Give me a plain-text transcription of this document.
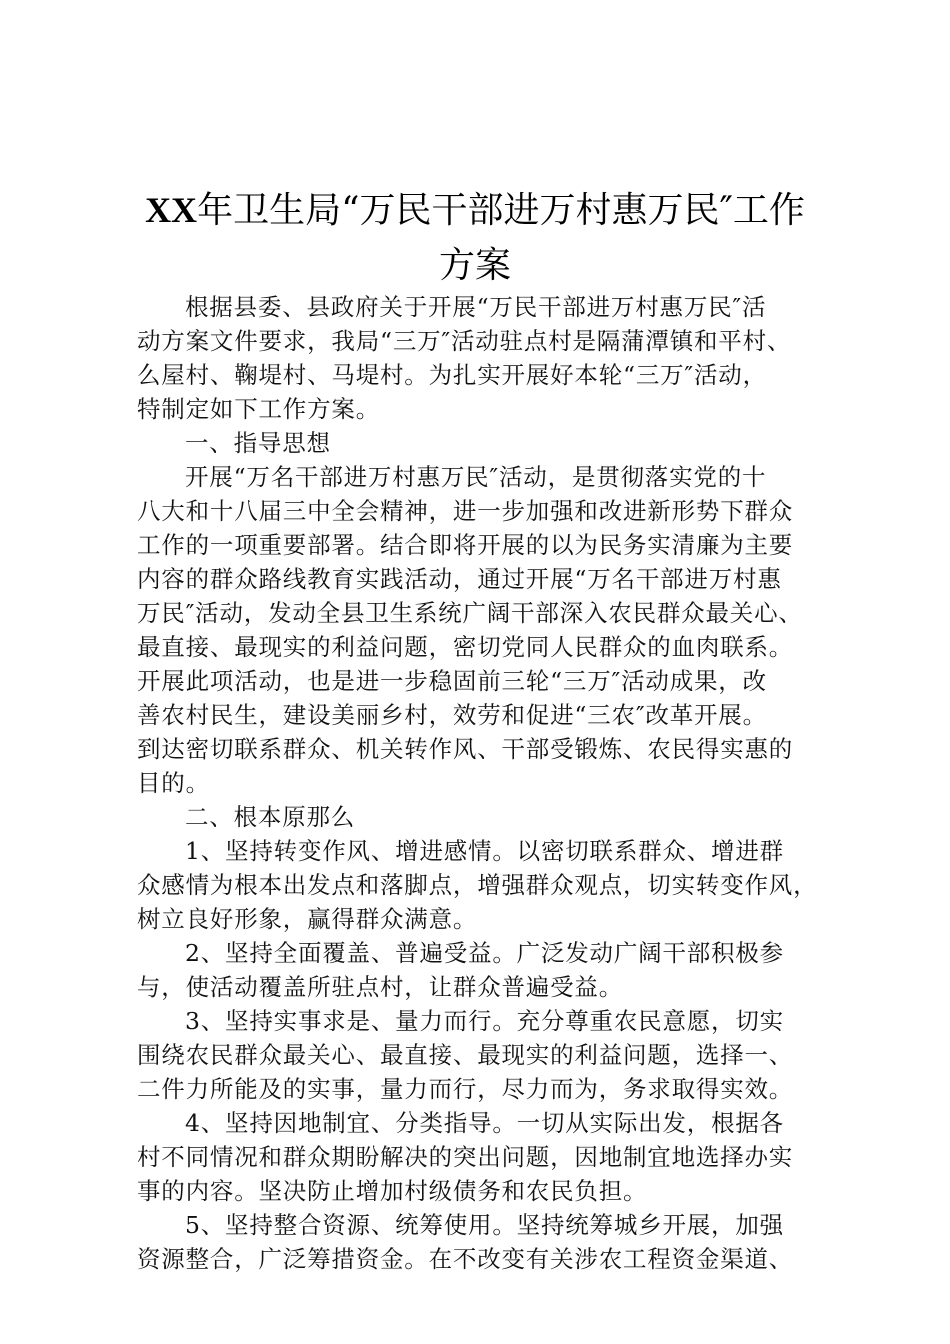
XX年卫生局“万民干部进万村惠万民″工作
方案
根据县委、县政府关于开展“万民干部进万村惠万民″活
动方案文件要求，我局“三万″活动驻点村是隔蒲潭镇和平村、
么屋村、鞠堤村、马堤村。为扎实开展好本轮“三万″活动，
特制定如下工作方案。
一、指导思想
开展“万名干部进万村惠万民″活动，是贯彻落实党的十
八大和十八届三中全会精神，进一步加强和改进新形势下群众
工作的一项重要部署。结合即将开展的以为民务实清廉为主要
内容的群众路线教育实践活动，通过开展“万名干部进万村惠
万民″活动，发动全县卫生系统广阔干部深入农民群众最关心、
最直接、最现实的利益问题，密切党同人民群众的血肉联系。
开展此项活动，也是进一步稳固前三轮“三万″活动成果，改
善农村民生，建设美丽乡村，效劳和促进“三农″改革开展。
到达密切联系群众、机关转作风、干部受锻炼、农民得实惠的
目的。
二、根本原那么
1、坚持转变作风、增进感情。以密切联系群众、增进群
众感情为根本出发点和落脚点，增强群众观点，切实转变作风，
树立良好形象，赢得群众满意。
2、坚持全面覆盖、普遍受益。广泛发动广阔干部积极参
与，使活动覆盖所驻点村，让群众普遍受益。
3、坚持实事求是、量力而行。充分尊重农民意愿，切实
围绕农民群众最关心、最直接、最现实的利益问题，选择一、
二件力所能及的实事，量力而行，尽力而为，务求取得实效。
4、坚持因地制宜、分类指导。一切从实际出发，根据各
村不同情况和群众期盼解决的突出问题，因地制宜地选择办实
事的内容。坚决防止增加村级债务和农民负担。
5、坚持整合资源、统筹使用。坚持统筹城乡开展，加强
资源整合，广泛筹措资金。在不改变有关涉农工程资金渠道、
